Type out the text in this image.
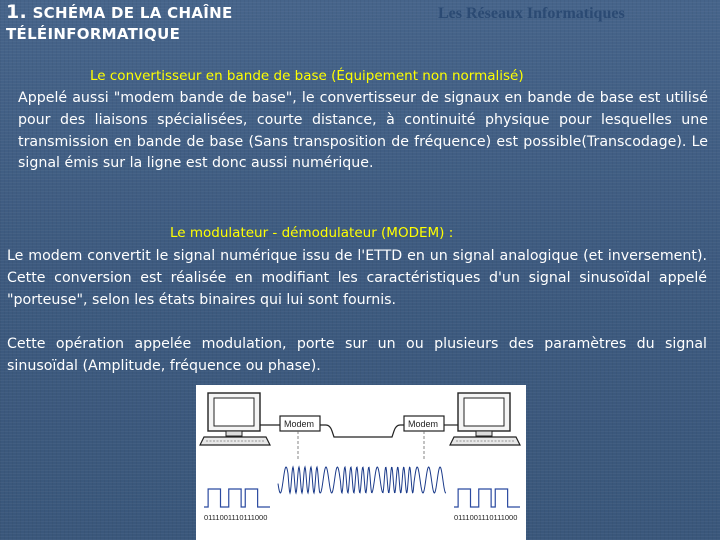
1. SCHÉMA DE LA CHAÎNE TÉLÉINFORMATIQUE
Les Réseaux Informatiques
Le convertisseur en bande de base (Équipement non normalisé)

Appelé aussi "modem bande de base", le convertisseur de signaux en bande de base est utilisé pour des liaisons spécialisées, courte distance, à continuité physique pour lesquelles une transmission en bande de base (Sans transposition de fréquence) est possible(Transcodage). Le signal émis sur la ligne est donc aussi numérique.

Le modulateur - démodulateur (MODEM) :

Le modem convertit le signal numérique issu de l'ETTD en un signal analogique (et inversement). Cette conversion est réalisée en modifiant les caractéristiques d'un signal sinusoïdal appelé "porteuse", selon les états binaires qui lui sont fournis.

Cette opération appelée modulation, porte sur un ou plusieurs des paramètres du signal sinusoïdal (Amplitude, fréquence ou phase).

Modem	Modem
0111001110111000	0111001110111000
